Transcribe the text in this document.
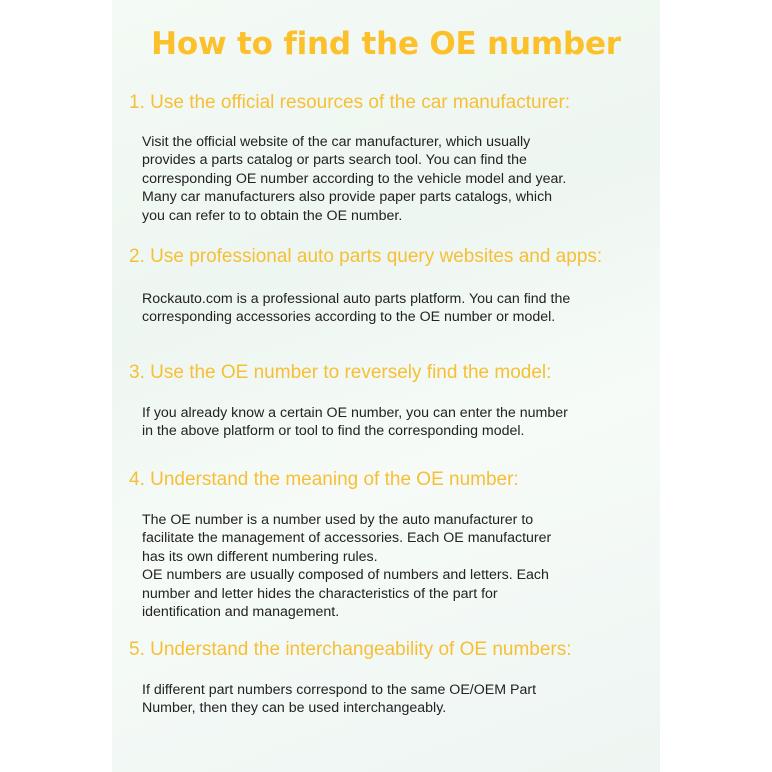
How to find the OE number
1. Use the official resources of the car manufacturer:
Visit the official website of the car manufacturer, which usually
provides a parts catalog or parts search tool. You can find the
corresponding OE number according to the vehicle model and year.
Many car manufacturers also provide paper parts catalogs, which
you can refer to to obtain the OE number.
2. Use professional auto parts query websites and apps:
Rockauto.com is a professional auto parts platform. You can find the
corresponding accessories according to the OE number or model.
3. Use the OE number to reversely find the model:
If you already know a certain OE number, you can enter the number
in the above platform or tool to find the corresponding model.
4. Understand the meaning of the OE number:
The OE number is a number used by the auto manufacturer to
facilitate the management of accessories. Each OE manufacturer
has its own different numbering rules.
OE numbers are usually composed of numbers and letters. Each
number and letter hides the characteristics of the part for
identification and management.
5. Understand the interchangeability of OE numbers:
If different part numbers correspond to the same OE/OEM Part
Number, then they can be used interchangeably.
